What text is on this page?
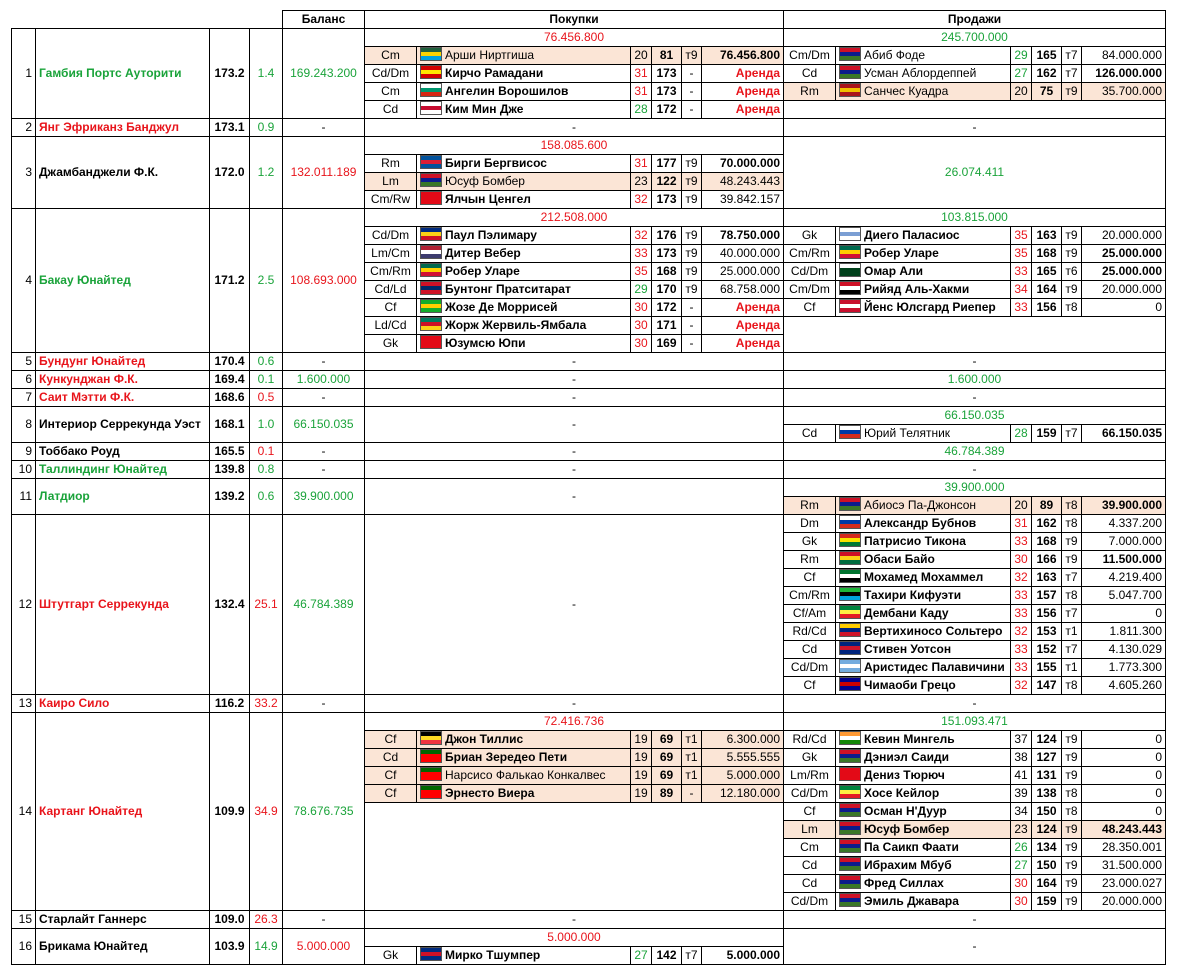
				Баланс	Покупки						Продажи					
1	Гамбия Портс Ауторити	173.2	1.4	169.243.200	76.456.800						245.700.000					
					Cm	Арши Ниртгиша	20	81	т9	76.456.800	Cm/Dm	Абиб Фоде	29	165	т7	84.000.000
					Cd/Dm	Кирчо Рамадани	31	173	-	Аренда	Cd	Усман Аблордеппей	27	162	т7	126.000.000
					Cm	Ангелин Ворошилов	31	173	-	Аренда	Rm	Санчес Куадра	20	75	т9	35.700.000
					Cd	Ким Мин Дже	28	172	-	Аренда						
2	Янг Эфриканз Банджул	173.1	0.9	-	-						-					
3	Джамбанджели Ф.К.	172.0	1.2	132.011.189	158.085.600						26.074.411					
					Rm	Бирги Бергвисос	31	177	т9	70.000.000						
					Lm	Юсуф Бомбер	23	122	т9	48.243.443						
					Cm/Rw	Ялчын Ценгел	32	173	т9	39.842.157						
4	Бакау Юнайтед	171.2	2.5	108.693.000	212.508.000						103.815.000					
					Cd/Dm	Паул Пэлимару	32	176	т9	78.750.000	Gk	Диего Паласиос	35	163	т9	20.000.000
					Lm/Cm	Дитер Вебер	33	173	т9	40.000.000	Cm/Rm	Робер Уларе	35	168	т9	25.000.000
					Cm/Rm	Робер Уларе	35	168	т9	25.000.000	Cd/Dm	Омар Али	33	165	т6	25.000.000
					Cd/Ld	Бунтонг Пратситарат	29	170	т9	68.758.000	Cm/Dm	Рийяд Аль-Хакми	34	164	т9	20.000.000
					Cf	Жозе Де Моррисей	30	172	-	Аренда	Cf	Йенс Юлсгард Риепер	33	156	т8	0
					Ld/Cd	Жорж Жервиль-Ямбала	30	171	-	Аренда						
					Gk	Юзумсю Юпи	30	169	-	Аренда						
5	Бундунг Юнайтед	170.4	0.6	-	-						-					
6	Кункунджан Ф.К.	169.4	0.1	1.600.000	-						1.600.000					
7	Саит Мэтти Ф.К.	168.6	0.5	-	-						-					
8	Интериор Серрекунда Уэст	168.1	1.0	66.150.035	-						66.150.035					
											Cd	Юрий Телятник	28	159	т7	66.150.035
9	Тоббако Роуд	165.5	0.1	-	-						46.784.389					
10	Таллиндинг Юнайтед	139.8	0.8	-	-						-					
11	Латдиор	139.2	0.6	39.900.000	-						39.900.000					
											Rm	Абиосэ Па-Джонсон	20	89	т8	39.900.000
12	Штутгарт Серрекунда	132.4	25.1	46.784.389	-						Dm	Александр Бубнов	31	162	т8	4.337.200
											Gk	Патрисио Тикона	33	168	т9	7.000.000
											Rm	Обаси Байо	30	166	т9	11.500.000
											Cf	Мохамед Мохаммел	32	163	т7	4.219.400
											Cm/Rm	Тахири Кифуэти	33	157	т8	5.047.700
											Cf/Am	Дембани Каду	33	156	т7	0
											Rd/Cd	Вертихиносо Сольтеро	32	153	т1	1.811.300
											Cd	Стивен Уотсон	33	152	т7	4.130.029
											Cd/Dm	Аристидес Палавичини	33	155	т1	1.773.300
											Cf	Чимаоби Грецо	32	147	т8	4.605.260
13	Каиро Сило	116.2	33.2	-	-						-					
14	Картанг Юнайтед	109.9	34.9	78.676.735	72.416.736						151.093.471					
					Cf	Джон Тиллис	19	69	т1	6.300.000	Rd/Cd	Кевин Мингель	37	124	т9	0
					Cd	Бриан Зередео Пети	19	69	т1	5.555.555	Gk	Дэниэл Саиди	38	127	т9	0
					Cf	Нарсисо Фалькао Конкалвес	19	69	т1	5.000.000	Lm/Rm	Дениз Тюрюч	41	131	т9	0
					Cf	Эрнесто Виера	19	89	-	12.180.000	Cd/Dm	Хосе Кейлор	39	138	т8	0
											Cf	Осман Н'Дуур	34	150	т8	0
											Lm	Юсуф Бомбер	23	124	т9	48.243.443
											Cm	Па Саикп Фаати	26	134	т9	28.350.001
											Cd	Ибрахим Мбуб	27	150	т9	31.500.000
											Cd	Фред Силлах	30	164	т9	23.000.027
											Cd/Dm	Эмиль Джавара	30	159	т9	20.000.000
15	Старлайт Ганнерс	109.0	26.3	-	-						-					
16	Брикама Юнайтед	103.9	14.9	5.000.000	5.000.000						-					
					Gk	Мирко Тшумпер	27	142	т7	5.000.000						
